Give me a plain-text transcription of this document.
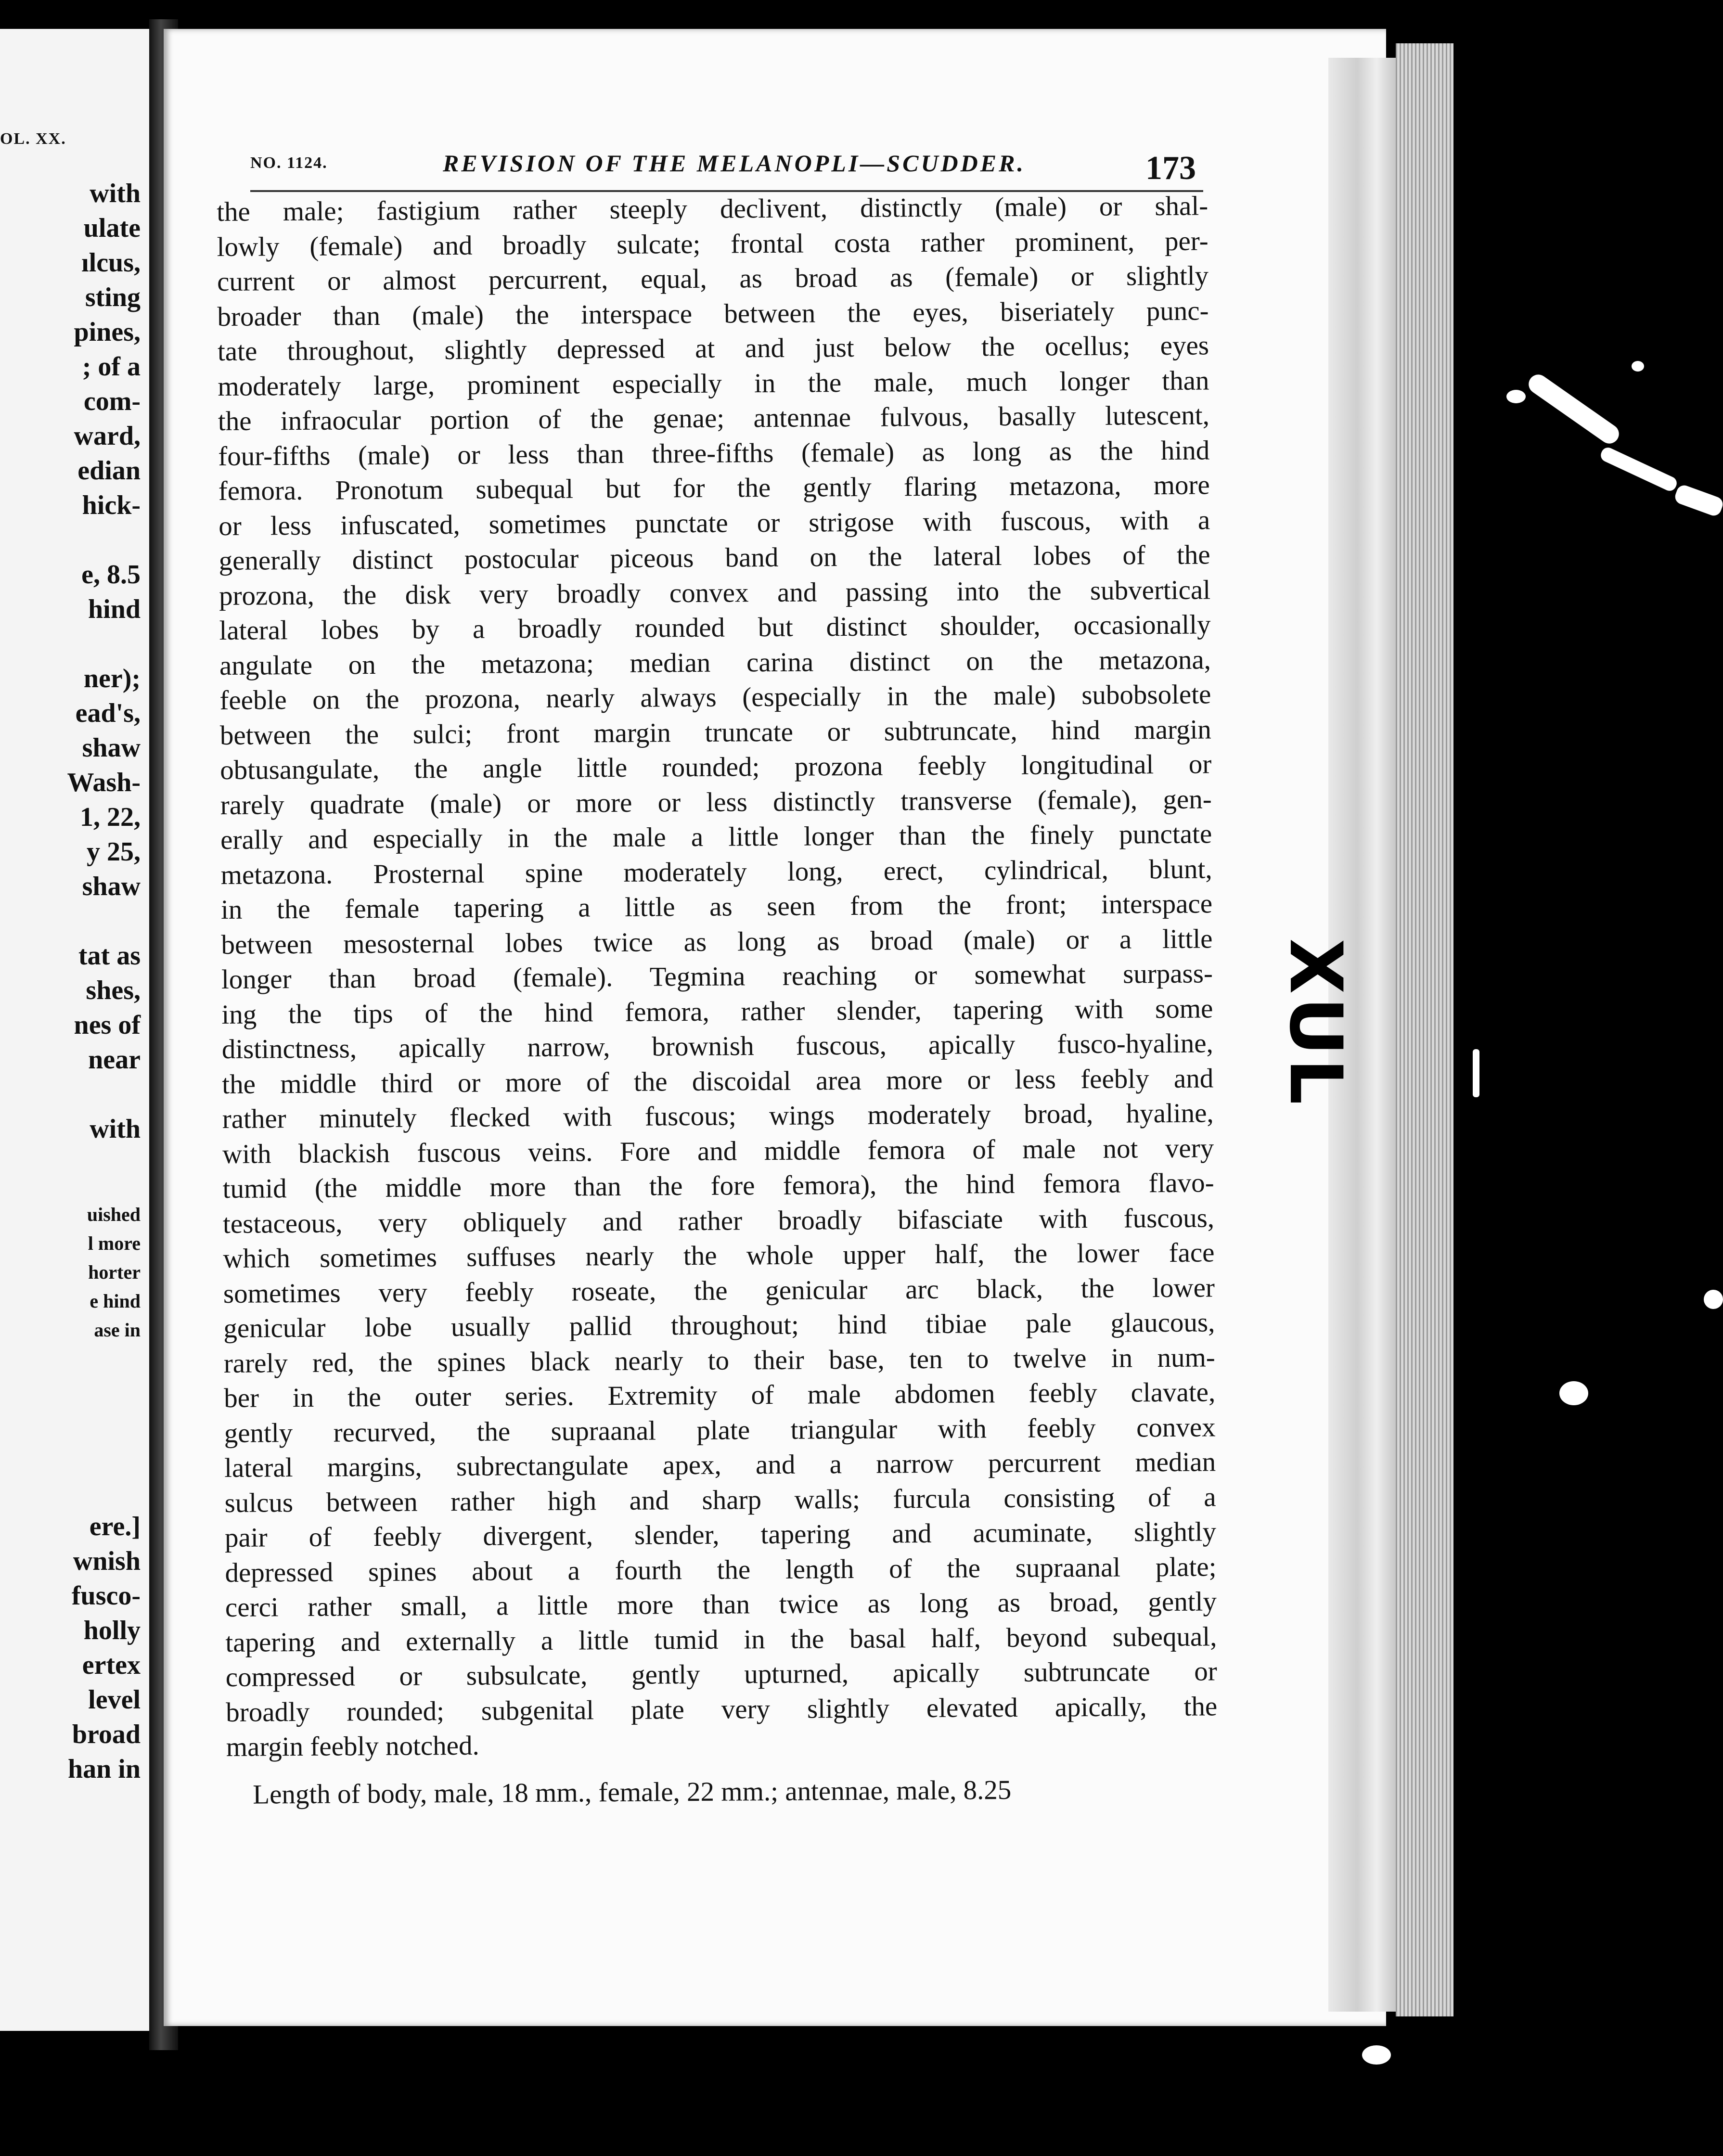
OL. XX.
with
ulate
ılcus,
sting
pines,
; of a
com-
ward,
edian
hick-
e, 8.5
hind
ner);
ead's,
shaw
Wash-
1, 22,
y 25,
shaw
tat as
shes,
nes of
near
with
uished
l more
horter
e hind
ase in
ere.]
wnish
fusco-
holly
ertex
level
broad
han in
NO. 1124.	REVISION OF THE MELANOPLI—SCUDDER.	173
the male; fastigium rather steeply declivent, distinctly (male) or shal-
lowly (female) and broadly sulcate; frontal costa rather prominent, per-
current or almost percurrent, equal, as broad as (female) or slightly
broader than (male) the interspace between the eyes, biseriately punc-
tate throughout, slightly depressed at and just below the ocellus; eyes
moderately large, prominent especially in the male, much longer than
the infraocular portion of the genae; antennae fulvous, basally lutescent,
four-fifths (male) or less than three-fifths (female) as long as the hind
femora. Pronotum subequal but for the gently flaring metazona, more
or less infuscated, sometimes punctate or strigose with fuscous, with a
generally distinct postocular piceous band on the lateral lobes of the
prozona, the disk very broadly convex and passing into the subvertical
lateral lobes by a broadly rounded but distinct shoulder, occasionally
angulate on the metazona; median carina distinct on the metazona,
feeble on the prozona, nearly always (especially in the male) subobsolete
between the sulci; front margin truncate or subtruncate, hind margin
obtusangulate, the angle little rounded; prozona feebly longitudinal or
rarely quadrate (male) or more or less distinctly transverse (female), gen-
erally and especially in the male a little longer than the finely punctate
metazona. Prosternal spine moderately long, erect, cylindrical, blunt,
in the female tapering a little as seen from the front; interspace
between mesosternal lobes twice as long as broad (male) or a little
longer than broad (female). Tegmina reaching or somewhat surpass-
ing the tips of the hind femora, rather slender, tapering with some
distinctness, apically narrow, brownish fuscous, apically fusco-hyaline,
the middle third or more of the discoidal area more or less feebly and
rather minutely flecked with fuscous; wings moderately broad, hyaline,
with blackish fuscous veins. Fore and middle femora of male not very
tumid (the middle more than the fore femora), the hind femora flavo-
testaceous, very obliquely and rather broadly bifasciate with fuscous,
which sometimes suffuses nearly the whole upper half, the lower face
sometimes very feebly roseate, the genicular arc black, the lower
genicular lobe usually pallid throughout; hind tibiae pale glaucous,
rarely red, the spines black nearly to their base, ten to twelve in num-
ber in the outer series. Extremity of male abdomen feebly clavate,
gently recurved, the supraanal plate triangular with feebly convex
lateral margins, subrectangulate apex, and a narrow percurrent median
sulcus between rather high and sharp walls; furcula consisting of a
pair of feebly divergent, slender, tapering and acuminate, slightly
depressed spines about a fourth the length of the supraanal plate;
cerci rather small, a little more than twice as long as broad, gently
tapering and externally a little tumid in the basal half, beyond subequal,
compressed or subsulcate, gently upturned, apically subtruncate or
broadly rounded; subgenital plate very slightly elevated apically, the
margin feebly notched.
Length of body, male, 18 mm., female, 22 mm.; antennae, male, 8.25
XUL
